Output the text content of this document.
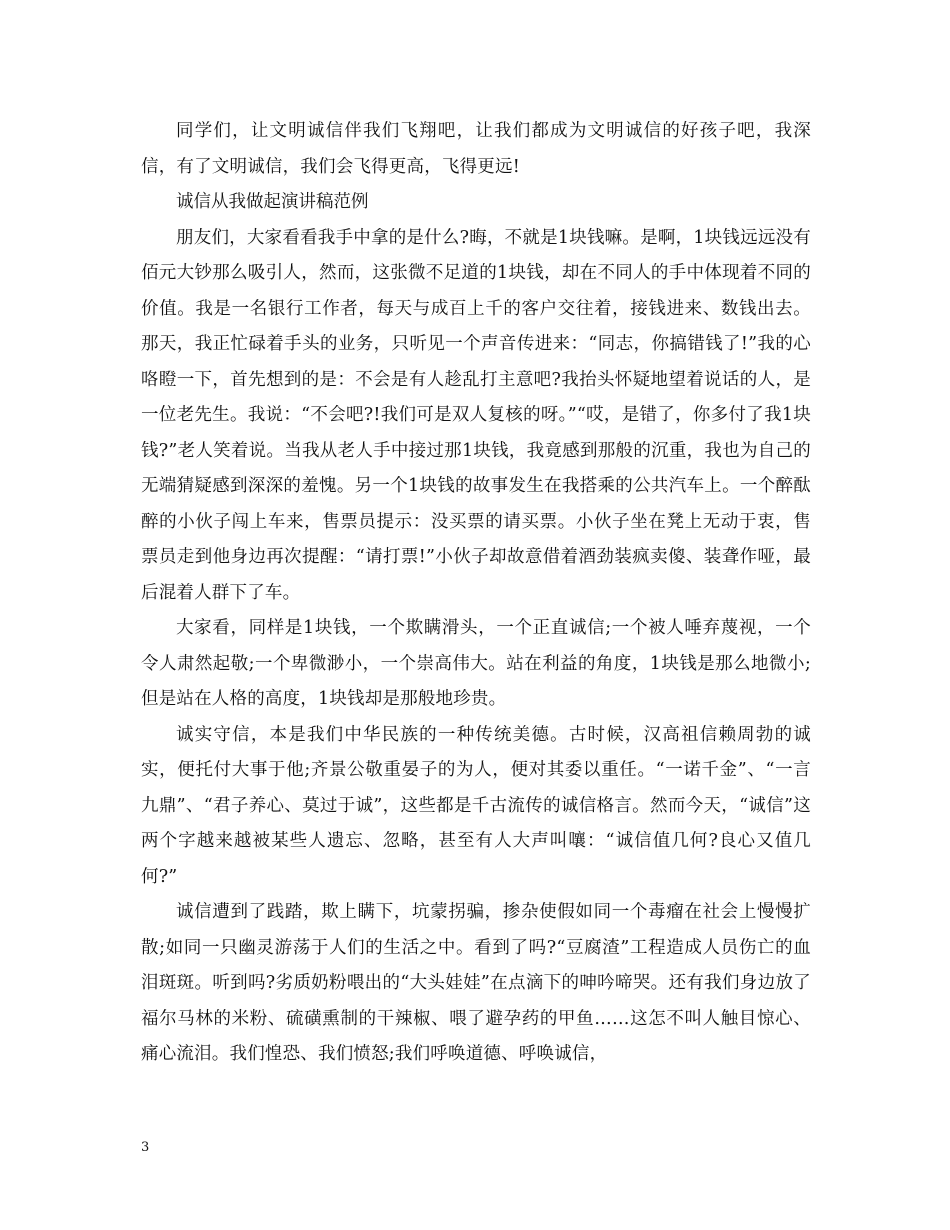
同学们，让文明诚信伴我们飞翔吧，让我们都成为文明诚信的好孩子吧，我深信，有了文明诚信，我们会飞得更高，飞得更远!

诚信从我做起演讲稿范例

朋友们，大家看看我手中拿的是什么?晦，不就是1块钱嘛。是啊，1块钱远远没有佰元大钞那么吸引人，然而，这张微不足道的1块钱，却在不同人的手中体现着不同的价值。我是一名银行工作者，每天与成百上千的客户交往着，接钱进来、数钱出去。那天，我正忙碌着手头的业务，只听见一个声音传进来：“同志，你搞错钱了!”我的心咯瞪一下，首先想到的是：不会是有人趁乱打主意吧?我抬头怀疑地望着说话的人，是一位老先生。我说：“不会吧?!我们可是双人复核的呀。”“哎，是错了，你多付了我1块钱?”老人笑着说。当我从老人手中接过那1块钱，我竟感到那般的沉重，我也为自己的无端猜疑感到深深的羞愧。另一个1块钱的故事发生在我搭乘的公共汽车上。一个醉酞醉的小伙子闯上车来，售票员提示：没买票的请买票。小伙子坐在凳上无动于衷，售票员走到他身边再次提醒：“请打票!”小伙子却故意借着酒劲装疯卖傻、装聋作哑，最后混着人群下了车。

大家看，同样是1块钱，一个欺瞒滑头，一个正直诚信;一个被人唾弃蔑视，一个令人肃然起敬;一个卑微渺小，一个崇高伟大。站在利益的角度，1块钱是那么地微小;但是站在人格的高度，1块钱却是那般地珍贵。

诚实守信，本是我们中华民族的一种传统美德。古时候，汉高祖信赖周勃的诚实，便托付大事于他;齐景公敬重晏子的为人，便对其委以重任。“一诺千金”、“一言九鼎”、“君子养心、莫过于诚”，这些都是千古流传的诚信格言。然而今天，“诚信”这两个字越来越被某些人遗忘、忽略，甚至有人大声叫嚷：“诚信值几何?良心又值几何?”

诚信遭到了践踏，欺上瞒下，坑蒙拐骗，掺杂使假如同一个毒瘤在社会上慢慢扩散;如同一只幽灵游荡于人们的生活之中。看到了吗?“豆腐渣”工程造成人员伤亡的血泪斑斑。听到吗?劣质奶粉喂出的“大头娃娃”在点滴下的呻吟啼哭。还有我们身边放了福尔马林的米粉、硫磺熏制的干辣椒、喂了避孕药的甲鱼……这怎不叫人触目惊心、痛心流泪。我们惶恐、我们愤怒;我们呼唤道德、呼唤诚信，

3
